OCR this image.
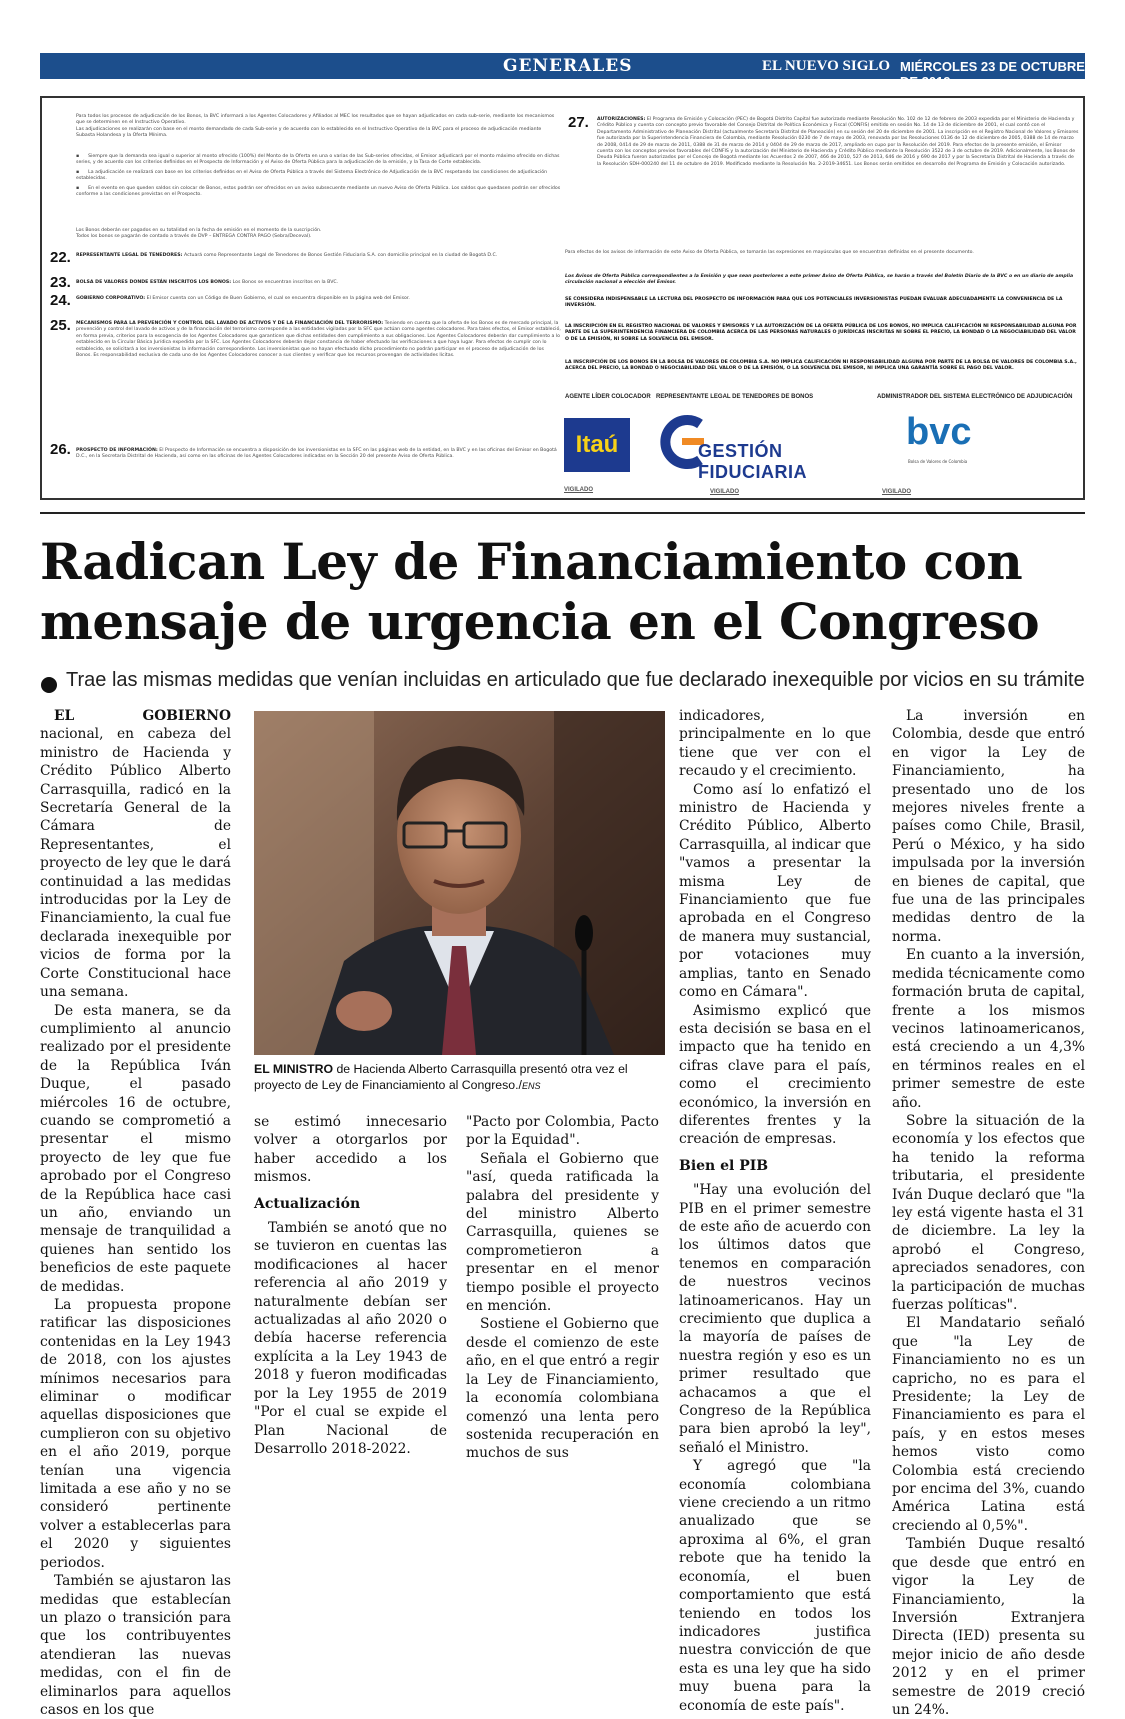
GENERALES	EL NUEVO SIGLO MIÉRCOLES 23 DE OCTUBRE DE 2019
19A
Para todos los procesos de adjudicación de los Bonos, la BVC informará a los Agentes Colocadores y Afiliados al MEC los resultados que se hayan adjudicados en cada sub-serie, mediante los mecanismos que se determinen en el Instructivo Operativo.
Las adjudicaciones se realizarán con base en el monto demandado de cada Sub-serie y de acuerdo con lo establecido en el Instructivo Operativo de la BVC para el proceso de adjudicación mediante Subasta Holandesa y la Oferta Mínima.
▪      Siempre que la demanda sea igual o superior al monto ofrecido (100%) del Monto de la Oferta en una o varias de las Sub-series ofrecidas, el Emisor adjudicará por el monto máximo ofrecido en dichas series, y de acuerdo con los criterios definidos en el Prospecto de Información y el Aviso de Oferta Pública para la adjudicación de la emisión, y la Tasa de Corte establecida.
▪      La adjudicación se realizará con base en los criterios definidos en el Aviso de Oferta Pública a través del Sistema Electrónico de Adjudicación de la BVC respetando las condiciones de adjudicación establecidas.
▪      En el evento en que queden saldos sin colocar de Bonos, estos podrán ser ofrecidos en un aviso subsecuente mediante un nuevo Aviso de Oferta Pública. Los saldos que quedasen podrán ser ofrecidos conforme a las condiciones previstas en el Prospecto.
Los Bonos deberán ser pagados en su totalidad en la fecha de emisión en el momento de la suscripción.
Todos los bonos se pagarán de contado a través de DVP – ENTREGA CONTRA PAGO (Sebra/Deceval).
22. REPRESENTANTE LEGAL DE TENEDORES: Actuará como Representante Legal de Tenedores de Bonos Gestión Fiduciaria S.A. con domicilio principal en la ciudad de Bogotá D.C.
23. BOLSA DE VALORES DONDE ESTÁN INSCRITOS LOS BONOS: Los Bonos se encuentran inscritos en la BVC.
24. GOBIERNO CORPORATIVO: El Emisor cuenta con un Código de Buen Gobierno, el cual se encuentra disponible en la página web del Emisor.
25. MECANISMOS PARA LA PREVENCIÓN Y CONTROL DEL LAVADO DE ACTIVOS Y DE LA FINANCIACIÓN DEL TERRORISMO: Teniendo en cuenta que la oferta de los Bonos es de mercado principal, la prevención y control del lavado de activos y de la financiación del terrorismo corresponde a las entidades vigiladas por la SFC que actúan como agentes colocadores. Para tales efectos, el Emisor estableció, en forma previa, criterios para la escogencia de los Agentes Colocadores que garanticen que dichas entidades den cumplimiento a sus obligaciones. Los Agentes Colocadores deberán dar cumplimiento a lo establecido en la Circular Básica Jurídica expedida por la SFC. Los Agentes Colocadores deberán dejar constancia de haber efectuado las verificaciones a que haya lugar. Para efectos de cumplir con lo establecido, se solicitará a los inversionistas la información correspondiente. Los inversionistas que no hayan efectuado dicho procedimiento no podrán participar en el proceso de adjudicación de los Bonos. Es responsabilidad exclusiva de cada uno de los Agentes Colocadores conocer a sus clientes y verificar que los recursos provengan de actividades lícitas.
26. PROSPECTO DE INFORMACIÓN: El Prospecto de Información se encuentra a disposición de los inversionistas en la SFC en las páginas web de la entidad, en la BVC y en las oficinas del Emisor en Bogotá D.C., en la Secretaría Distrital de Hacienda, así como en las oficinas de los Agentes Colocadores indicadas en la Sección 20 del presente Aviso de Oferta Pública.
27. AUTORIZACIONES: El Programa de Emisión y Colocación (PEC) de Bogotá Distrito Capital fue autorizado mediante Resolución No. 102 de 12 de febrero de 2003 expedida por el Ministerio de Hacienda y Crédito Público y cuenta con concepto previo favorable del Consejo Distrital de Política Económica y Fiscal (CONFIS) emitido en sesión No. 14 de 13 de diciembre de 2001, el cual contó con el Departamento Administrativo de Planeación Distrital (actualmente Secretaría Distrital de Planeación) en su sesión del 20 de diciembre de 2001. La inscripción en el Registro Nacional de Valores y Emisores fue autorizada por la Superintendencia Financiera de Colombia, mediante Resolución 0230 de 7 de mayo de 2003, renovada por las Resoluciones 0136 de 12 de diciembre de 2005, 0388 de 14 de marzo de 2008, 0414 de 29 de marzo de 2011, 0388 de 31 de marzo de 2014 y 0404 de 29 de marzo de 2017, ampliado en cupo por la Resolución del 2019. Para efectos de la presente emisión, el Emisor cuenta con los conceptos previos favorables del CONFIS y la autorización del Ministerio de Hacienda y Crédito Público mediante la Resolución 3522 de 3 de octubre de 2019. Adicionalmente, los Bonos de Deuda Pública fueron autorizados por el Concejo de Bogotá mediante los Acuerdos 2 de 2007, 466 de 2010, 527 de 2013, 646 de 2016 y 690 de 2017 y por la Secretaría Distrital de Hacienda a través de la Resolución SDH-000240 del 11 de octubre de 2019. Modificado mediante la Resolución No. 2-2019-34651. Los Bonos serán emitidos en desarrollo del Programa de Emisión y Colocación autorizado.
Para efectos de los avisos de información de este Aviso de Oferta Pública, se tomarán las expresiones en mayúsculas que se encuentran definidas en el presente documento.
Los Avisos de Oferta Pública correspondientes a la Emisión y que sean posteriores a este primer Aviso de Oferta Pública, se harán a través del Boletín Diario de la BVC o en un diario de amplia circulación nacional a elección del Emisor.
SE CONSIDERA INDISPENSABLE LA LECTURA DEL PROSPECTO DE INFORMACIÓN PARA QUE LOS POTENCIALES INVERSIONISTAS PUEDAN EVALUAR ADECUADAMENTE LA CONVENIENCIA DE LA INVERSIÓN.
LA INSCRIPCIÓN EN EL REGISTRO NACIONAL DE VALORES Y EMISORES Y LA AUTORIZACIÓN DE LA OFERTA PÚBLICA DE LOS BONOS, NO IMPLICA CALIFICACIÓN NI RESPONSABILIDAD ALGUNA POR PARTE DE LA SUPERINTENDENCIA FINANCIERA DE COLOMBIA ACERCA DE LAS PERSONAS NATURALES O JURÍDICAS INSCRITAS NI SOBRE EL PRECIO, LA BONDAD O LA NEGOCIABILIDAD DEL VALOR O DE LA EMISIÓN, NI SOBRE LA SOLVENCIA DEL EMISOR.
LA INSCRIPCIÓN DE LOS BONOS EN LA BOLSA DE VALORES DE COLOMBIA S.A. NO IMPLICA CALIFICACIÓN NI RESPONSABILIDAD ALGUNA POR PARTE DE LA BOLSA DE VALORES DE COLOMBIA S.A., ACERCA DEL PRECIO, LA BONDAD O NEGOCIABILIDAD DEL VALOR O DE LA EMISIÓN, O LA SOLVENCIA DEL EMISOR, NI IMPLICA UNA GARANTÍA SOBRE EL PAGO DEL VALOR.
AGENTE LÍDER COLOCADOR REPRESENTANTE LEGAL DE TENEDORES DE BONOS	ADMINISTRADOR DEL SISTEMA ELECTRÓNICO DE ADJUDICACIÓN
Itaú	GESTIÓN FIDUCIARIA
bvc
Bolsa de Valores de Colombia
VIGILADO	VIGILADO	VIGILADO
Radican Ley de Financiamiento con mensaje de urgencia en el Congreso
Trae las mismas medidas que venían incluidas en articulado que fue declarado inexequible por vicios en su trámite

EL GOBIERNO nacional, en cabeza del ministro de Hacienda y Crédito Público Alberto Carrasquilla, radicó en la Secretaría General de la Cámara de Representantes, el proyecto de ley que le dará continuidad a las medidas introducidas por la Ley de Financiamiento, la cual fue declarada inexequible por vicios de forma por la Corte Constitucional hace una semana.

De esta manera, se da cumplimiento al anuncio realizado por el presidente de la República Iván Duque, el pasado miércoles 16 de octubre, cuando se comprometió a presentar el mismo proyecto de ley que fue aprobado por el Congreso de la República hace casi un año, enviando un mensaje de tranquilidad a quienes han sentido los beneficios de este paquete de medidas.

La propuesta propone ratificar las disposiciones contenidas en la Ley 1943 de 2018, con los ajustes mínimos necesarios para eliminar o modificar aquellas disposiciones que cumplieron con su objetivo en el año 2019, porque tenían una vigencia limitada a ese año y no se consideró pertinente volver a establecerlas para el 2020 y siguientes periodos.

También se ajustaron las medidas que establecían un plazo o transición para que los contribuyentes atendieran las nuevas medidas, con el fin de eliminarlos para aquellos casos en los que

EL MINISTRO de Hacienda Alberto Carrasquilla presentó otra vez el proyecto de Ley de Financiamiento al Congreso./ENS

se estimó innecesario volver a otorgarlos por haber accedido a los mismos.

Actualización

También se anotó que no se tuvieron en cuentas las modificaciones al hacer referencia al año 2019 y naturalmente debían ser actualizadas al año 2020 o debía hacerse referencia explícita a la Ley 1943 de 2018 y fueron modificadas por la Ley 1955 de 2019 "Por el cual se expide el Plan Nacional de Desarrollo 2018-2022.

"Pacto por Colombia, Pacto por la Equidad".

Señala el Gobierno que "así, queda ratificada la palabra del presidente y del ministro Alberto Carrasquilla, quienes se comprometieron a presentar en el menor tiempo posible el proyecto en mención.

Sostiene el Gobierno que desde el comienzo de este año, en el que entró a regir la Ley de Financiamiento, la economía colombiana comenzó una lenta pero sostenida recuperación en muchos de sus

indicadores, principalmente en lo que tiene que ver con el recaudo y el crecimiento.

Como así lo enfatizó el ministro de Hacienda y Crédito Público, Alberto Carrasquilla, al indicar que "vamos a presentar la misma Ley de Financiamiento que fue aprobada en el Congreso de manera muy sustancial, por votaciones muy amplias, tanto en Senado como en Cámara".

Asimismo explicó que esta decisión se basa en el impacto que ha tenido en cifras clave para el país, como el crecimiento económico, la inversión en diferentes frentes y la creación de empresas.

Bien el PIB

"Hay una evolución del PIB en el primer semestre de este año de acuerdo con los últimos datos que tenemos en comparación de nuestros vecinos latinoamericanos. Hay un crecimiento que duplica a la mayoría de países de nuestra región y eso es un primer resultado que achacamos a que el Congreso de la República para bien aprobó la ley", señaló el Ministro.

Y agregó que "la economía colombiana viene creciendo a un ritmo anualizado que se aproxima al 6%, el gran rebote que ha tenido la economía, el buen comportamiento que está teniendo en todos los indicadores justifica nuestra convicción de que esta es una ley que ha sido muy buena para la economía de este país".

La inversión en Colombia, desde que entró en vigor la Ley de Financiamiento, ha presentado uno de los mejores niveles frente a países como Chile, Brasil, Perú o México, y ha sido impulsada por la inversión en bienes de capital, que fue una de las principales medidas dentro de la norma.

En cuanto a la inversión, medida técnicamente como formación bruta de capital, frente a los mismos vecinos latinoamericanos, está creciendo a un 4,3% en términos reales en el primer semestre de este año.

Sobre la situación de la economía y los efectos que ha tenido la reforma tributaria, el presidente Iván Duque declaró que "la ley está vigente hasta el 31 de diciembre. La ley la aprobó el Congreso, apreciados senadores, con la participación de muchas fuerzas políticas".

El Mandatario señaló que "la Ley de Financiamiento no es un capricho, no es para el Presidente; la Ley de Financiamiento es para el país, y en estos meses hemos visto como Colombia está creciendo por encima del 3%, cuando América Latina está creciendo al 0,5%".

También Duque resaltó que desde que entró en vigor la Ley de Financiamiento, la Inversión Extranjera Directa (IED) presenta su mejor inicio de año desde 2012 y en el primer semestre de 2019 creció un 24%.
